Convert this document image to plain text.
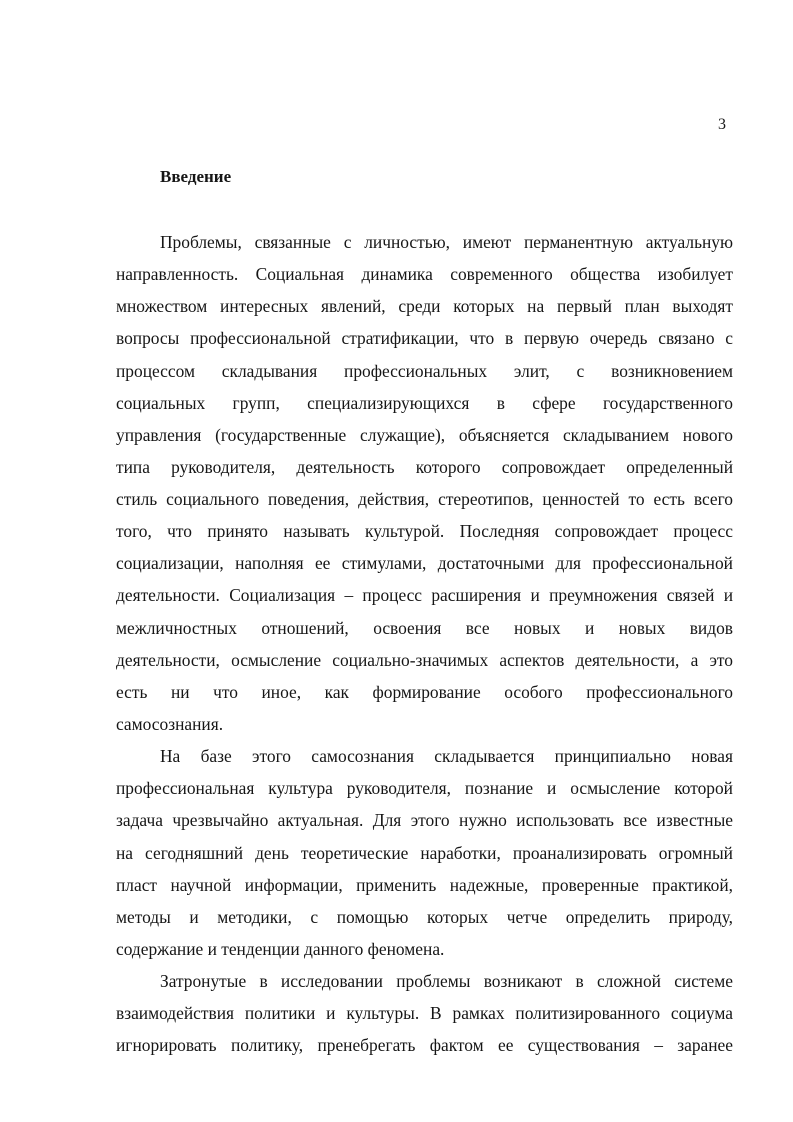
3
Введение
Проблемы, связанные с личностью, имеют перманентную актуальную
направленность. Социальная динамика современного общества изобилует
множеством интересных явлений, среди которых на первый план выходят
вопросы профессиональной стратификации, что в первую очередь связано с
процессом складывания профессиональных элит, с возникновением
социальных групп, специализирующихся в сфере государственного
управления (государственные служащие), объясняется складыванием нового
типа руководителя, деятельность которого сопровождает определенный
стиль социального поведения, действия, стереотипов, ценностей то есть всего
того, что принято называть культурой. Последняя сопровождает процесс
социализации, наполняя ее стимулами, достаточными для профессиональной
деятельности. Социализация – процесс расширения и преумножения связей и
межличностных отношений, освоения все новых и новых видов
деятельности, осмысление социально-значимых аспектов деятельности, а это
есть ни что иное, как формирование особого профессионального
самосознания.
На базе этого самосознания складывается принципиально новая
профессиональная культура руководителя, познание и осмысление которой
задача чрезвычайно актуальная. Для этого нужно использовать все известные
на сегодняшний день теоретические наработки, проанализировать огромный
пласт научной информации, применить надежные, проверенные практикой,
методы и методики, с помощью которых четче определить природу,
содержание и тенденции данного феномена.
Затронутые в исследовании проблемы возникают в сложной системе
взаимодействия политики и культуры. В рамках политизированного социума
игнорировать политику, пренебрегать фактом ее существования – заранее
